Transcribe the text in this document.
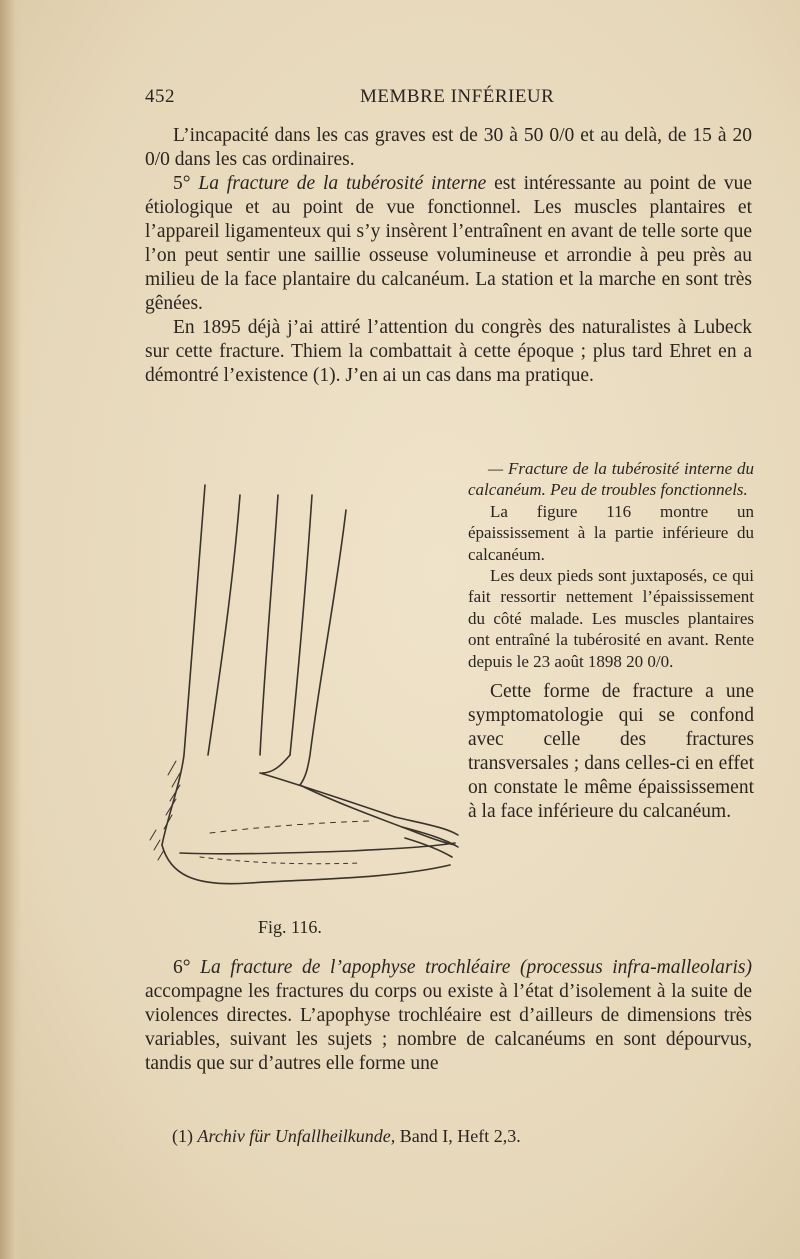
452	MEMBRE INFÉRIEUR

L’incapacité dans les cas graves est de 30 à 50 0/0 et au delà, de 15 à 20 0/0 dans les cas ordinaires.

5° La fracture de la tubérosité interne est intéressante au point de vue étiologique et au point de vue fonctionnel. Les muscles plantaires et l’appareil ligamenteux qui s’y insèrent l’entraînent en avant de telle sorte que l’on peut sentir une saillie osseuse volumineuse et arrondie à peu près au milieu de la face plantaire du calcanéum. La station et la marche en sont très gênées.

En 1895 déjà j’ai attiré l’attention du congrès des naturalistes à Lubeck sur cette fracture. Thiem la combattait à cette époque ; plus tard Ehret en a démontré l’existence (1). J’en ai un cas dans ma pratique.

Fig. 116.

— Fracture de la tubérosité interne du calcanéum. Peu de troubles fonctionnels.

La figure 116 montre un épaississement à la partie inférieure du calcanéum.

Les deux pieds sont juxtaposés, ce qui fait ressortir nettement l’épaississement du côté malade. Les muscles plantaires ont entraîné la tubérosité en avant. Rente depuis le 23 août 1898 20 0/0.

Cette forme de fracture a une symptomatologie qui se confond avec celle des fractures transversales ; dans celles-ci en effet on constate le même épaississement à la face inférieure du calcanéum.

6° La fracture de l’apophyse trochléaire (processus infra-malleolaris) accompagne les fractures du corps ou existe à l’état d’isolement à la suite de violences directes. L’apophyse trochléaire est d’ailleurs de dimensions très variables, suivant les sujets ; nombre de calcanéums en sont dépourvus, tandis que sur d’autres elle forme une

(1) Archiv für Unfallheilkunde, Band I, Heft 2,3.
